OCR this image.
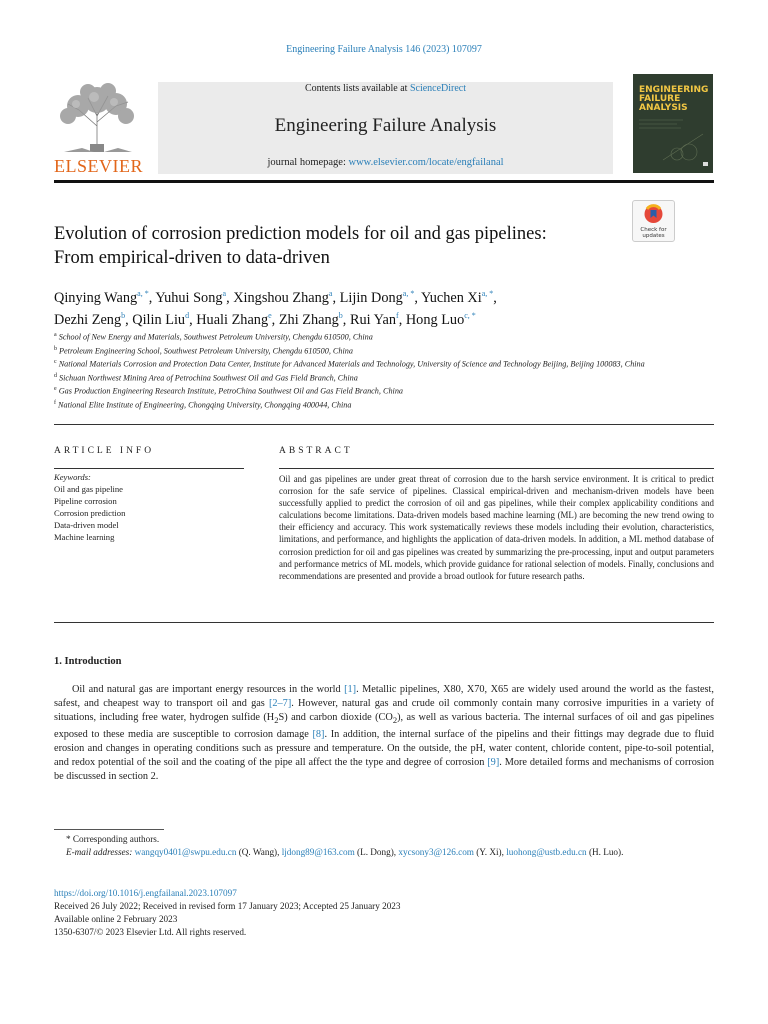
Engineering Failure Analysis 146 (2023) 107097
ELSEVIER
Contents lists available at ScienceDirect
Engineering Failure Analysis
journal homepage: www.elsevier.com/locate/engfailanal
ENGINEERING FAILURE ANALYSIS
Check for
updates
Evolution of corrosion prediction models for oil and gas pipelines:
From empirical-driven to data-driven
Qinying Wang$^{a, *}$, Yuhui Song$^a$, Xingshou Zhang$^a$, Lijin Dong$^{a, *}$, Yuchen $Xi^{a, *}$,
Dezhi Zeng$^b$, Qilin Liu$^d$, Huali Zhang$^e$, Zhi Zhang$^b$, Rui Yan$^f$, Hong Luo$^{c, *}$
$^a$ School of New Energy and Materials, Southwest Petroleum University, Chengdu 610500, China
$^b$ Petroleum Engineering School, Southwest Petroleum University, Chengdu 610500, China
$^c$ National Materials Corrosion and Protection Data Center, Institute for Advanced Materials and Technology, University of Science and Technology Beijing, Beijing 100083, China
$^d$ Sichuan Northwest Mining Area of Petrochina Southwest Oil and Gas Field Branch, China
$^e$ Gas Production Engineering Research Institute, PetroChina Southwest Oil and Gas Field Branch, China
$^f$ National Elite Institute of Engineering, Chongqing University, Chongqing 400044, China
ARTICLE INFO	ABSTRACT
Keywords:
Oil and gas pipeline
Pipeline corrosion
Corrosion prediction
Data-driven model
Machine learning
Oil and gas pipelines are under great threat of corrosion due to the harsh service environment. It is critical to predict corrosion for the safe service of pipelines. Classical empirical-driven and mechanism-driven models have been successfully applied to predict the corrosion of oil and gas pipelines, while their complex applicability conditions and calculations become limitations. Data-driven models based machine learning (ML) are becoming the new trend owing to their efficiency and accuracy. This work systematically reviews these models including their evolution, characteristics, limitations, and performance, and highlights the application of data-driven models. In addition, a ML method database of corrosion prediction for oil and gas pipelines was created by summarizing the pre-processing, input and output parameters and performance metrics of ML models, which provide guidance for rational selection of models. Finally, conclusions and recommendations are presented and provide a broad outlook for future research paths.
1. Introduction

Oil and natural gas are important energy resources in the world [1]. Metallic pipelines, X80, X70, X65 are widely used around the world as the fastest, safest, and cheapest way to transport oil and gas [2–7]. However, natural gas and crude oil commonly contain many corrosive impurities in a variety of situations, including free water, hydrogen sulfide $(H_2S)$ and carbon dioxide $(CO_2)$, as well as various bacteria. The internal surfaces of oil and gas pipelines exposed to these media are susceptible to corrosion damage [8]. In addition, the internal surface of the pipelins and their fittings may degrade due to fluid erosion and changes in operating conditions such as pressure and temperature. On the outside, the pH, water content, chloride content, pipe-to-soil potential, and redox potential of the soil and the coating of the pipe all affect the the type and degree of corrosion [9]. More detailed forms and mechanisms of corrosion be discussed in section 2.

* Corresponding authors.
E-mail addresses: wangqy0401@swpu.edu.cn (Q. Wang), ljdong89@163.com (L. Dong), xycsony3@126.com (Y. Xi), luohong@ustb.edu.cn (H. Luo).
https://doi.org/10.1016/j.engfailanal.2023.107097
Received 26 July 2022; Received in revised form 17 January 2023; Accepted 25 January 2023
Available online 2 February 2023
1350-6307/© 2023 Elsevier Ltd. All rights reserved.
